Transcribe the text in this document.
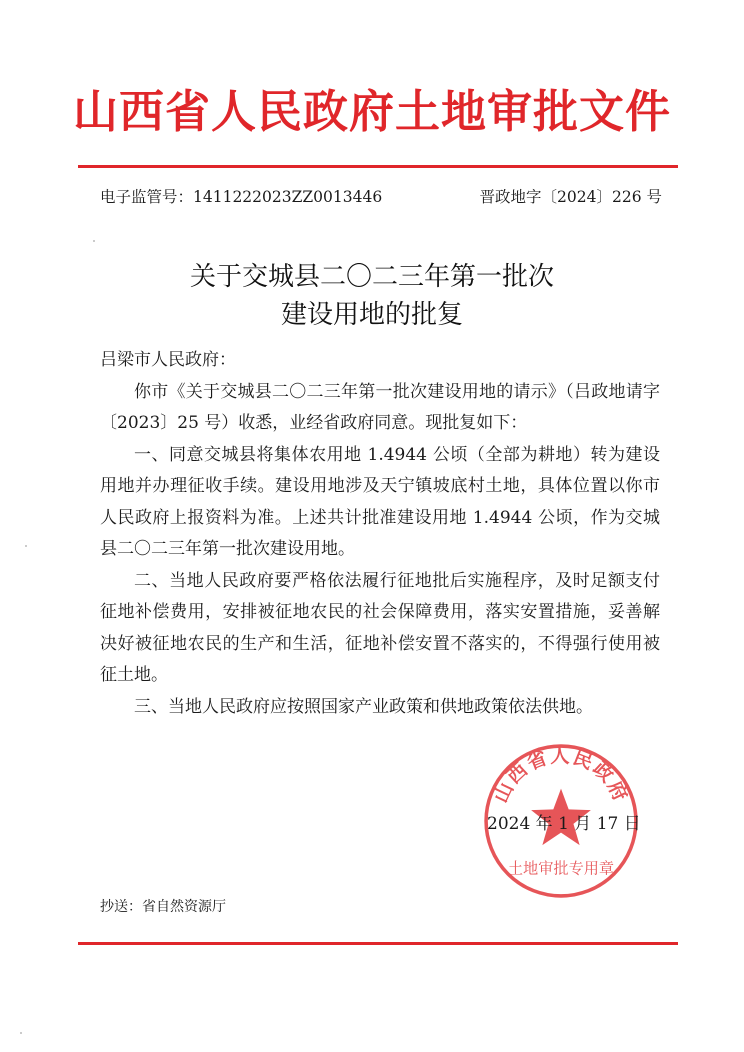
山西省人民政府土地审批文件
电子监管号：1411222023ZZ0013446	晋政地字〔2024〕226 号
关于交城县二〇二三年第一批次
建设用地的批复

吕梁市人民政府：

你市《关于交城县二〇二三年第一批次建设用地的请示》（吕政地请字〔2023〕25 号）收悉，业经省政府同意。现批复如下：

一、同意交城县将集体农用地 1.4944 公顷（全部为耕地）转为建设用地并办理征收手续。建设用地涉及天宁镇坡底村土地，具体位置以你市人民政府上报资料为准。上述共计批准建设用地 1.4944 公顷，作为交城县二〇二三年第一批次建设用地。

二、当地人民政府要严格依法履行征地批后实施程序，及时足额支付征地补偿费用，安排被征地农民的社会保障费用，落实安置措施，妥善解决好被征地农民的生产和生活，征地补偿安置不落实的，不得强行使用被征土地。

三、当地人民政府应按照国家产业政策和供地政策依法供地。

山西省人民政府
土地审批专用章
2024 年 1 月 17 日
抄送：省自然资源厅
